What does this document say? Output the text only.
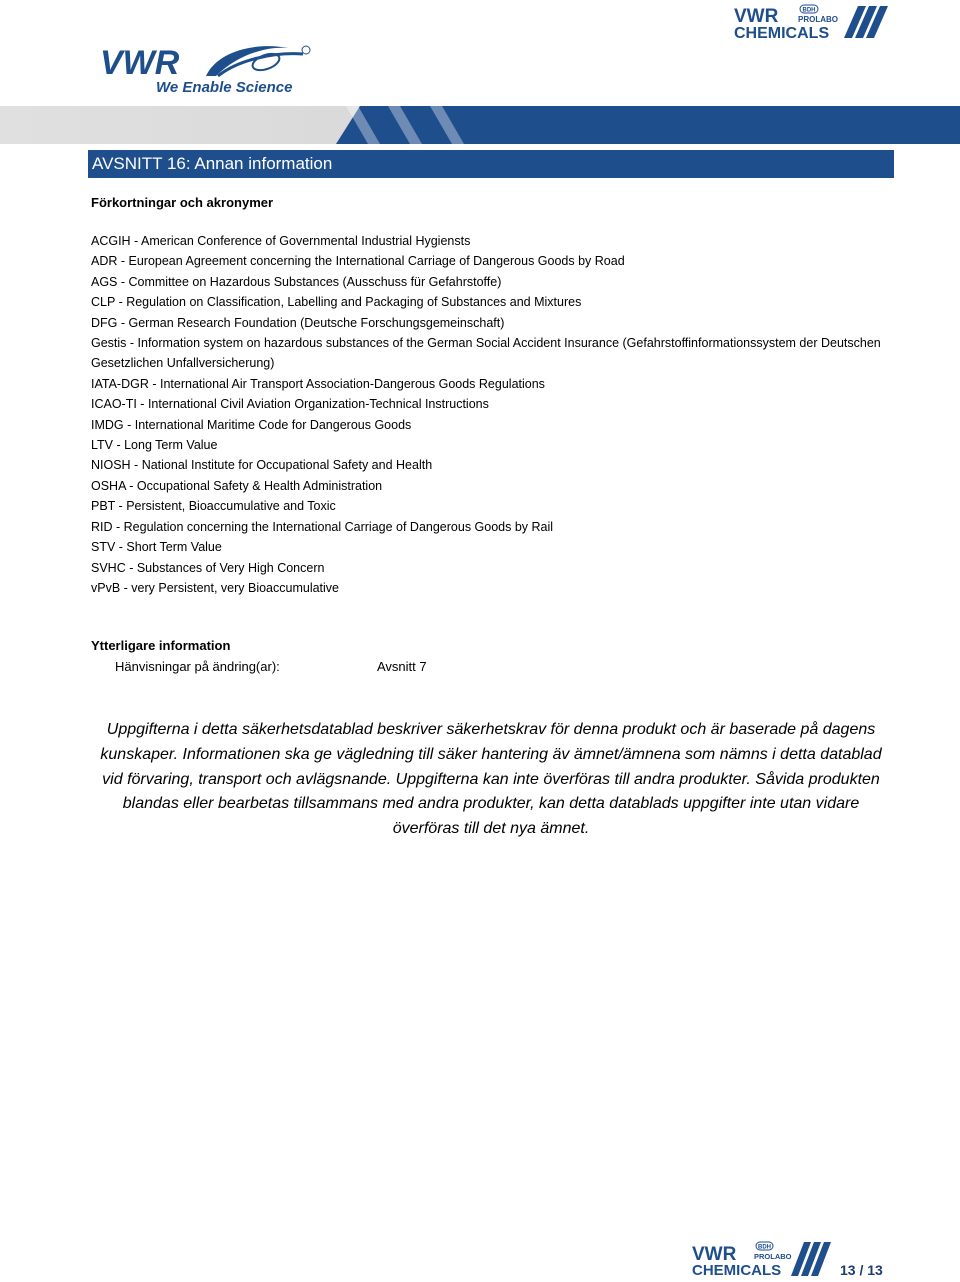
VWR	BDH
PROLABO
CHEMICALS
VWR
We Enable Science
AVSNITT 16: Annan information
Förkortningar och akronymer
ACGIH - American Conference of Governmental Industrial Hygiensts
ADR - European Agreement concerning the International Carriage of Dangerous Goods by Road
AGS - Committee on Hazardous Substances (Ausschuss für Gefahrstoffe)
CLP - Regulation on Classification, Labelling and Packaging of Substances and Mixtures
DFG - German Research Foundation (Deutsche Forschungsgemeinschaft)
Gestis - Information system on hazardous substances of the German Social Accident Insurance (Gefahrstoffinformationssystem der Deutschen Gesetzlichen Unfallversicherung)
IATA-DGR - International Air Transport Association-Dangerous Goods Regulations
ICAO-TI - International Civil Aviation Organization-Technical Instructions
IMDG - International Maritime Code for Dangerous Goods
LTV - Long Term Value
NIOSH - National Institute for Occupational Safety and Health
OSHA - Occupational Safety & Health Administration
PBT - Persistent, Bioaccumulative and Toxic
RID - Regulation concerning the International Carriage of Dangerous Goods by Rail
STV - Short Term Value
SVHC - Substances of Very High Concern
vPvB - very Persistent, very Bioaccumulative
Ytterligare information
Hänvisningar på ändring(ar):	Avsnitt 7
Uppgifterna i detta säkerhetsdatablad beskriver säkerhetskrav för denna produkt och är baserade på dagens kunskaper. Informationen ska ge vägledning till säker hantering äv ämnet/ämnena som nämns i detta datablad vid förvaring, transport och avlägsnande. Uppgifterna kan inte överföras till andra produkter. Såvida produkten blandas eller bearbetas tillsammans med andra produkter, kan detta datablads uppgifter inte utan vidare överföras till det nya ämnet.
VWR	BDH
PROLABO
CHEMICALS	13 / 13
